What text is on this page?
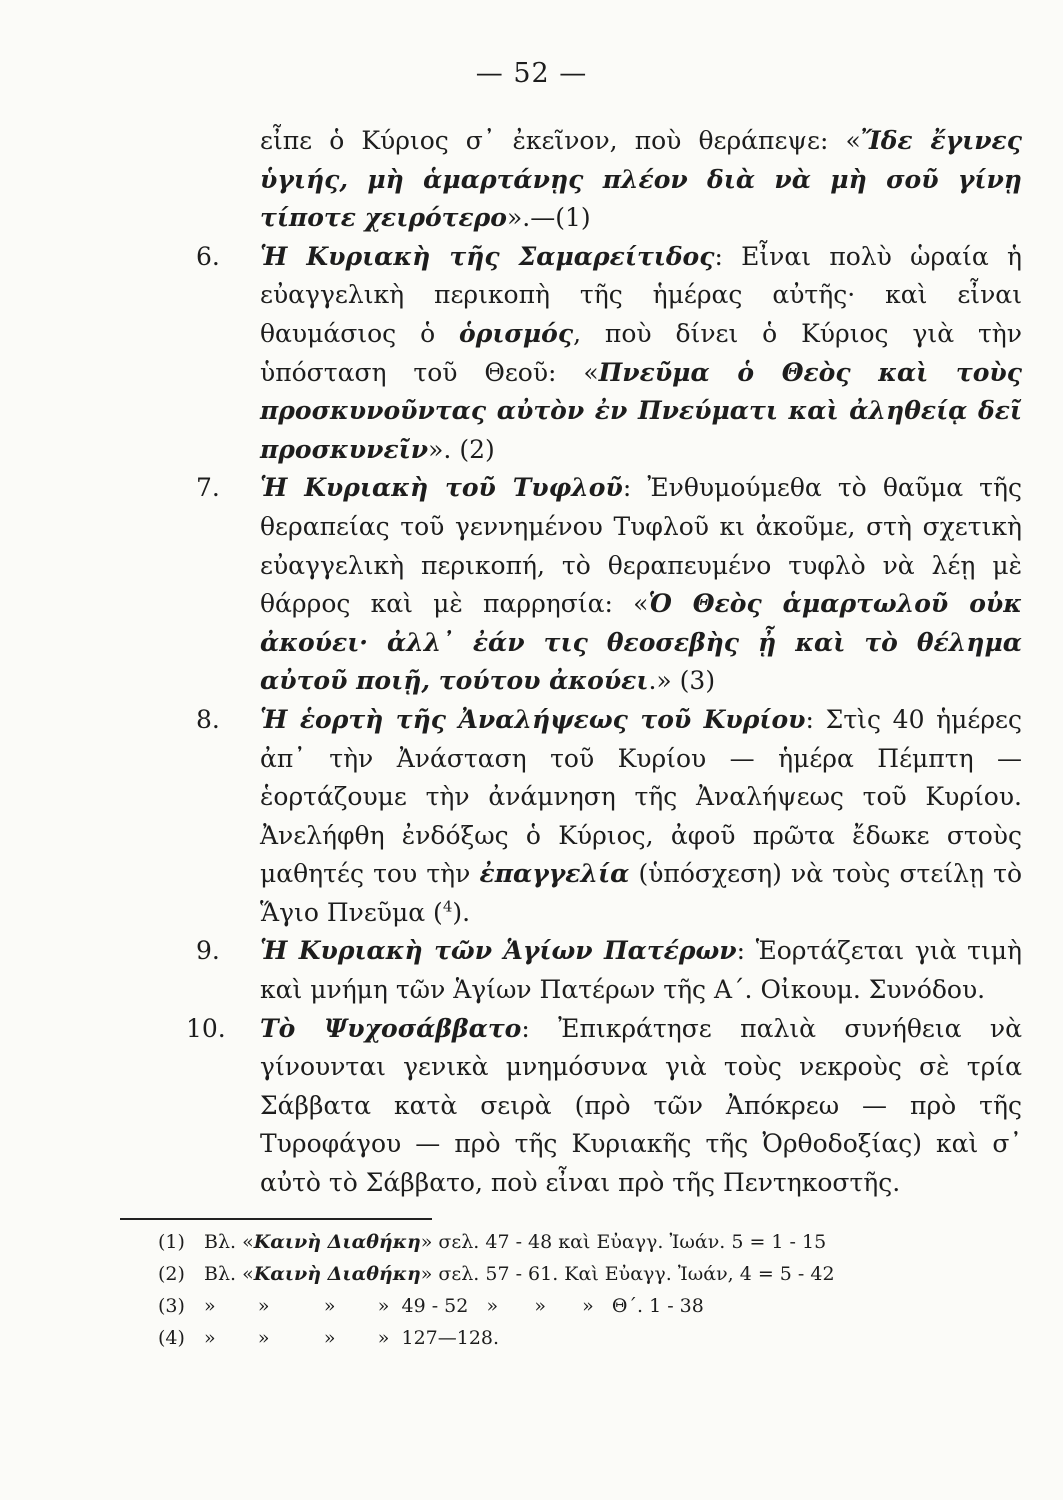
— 52 —

εἶπε ὁ Κύριος σ᾽ ἐκεῖνον, ποὺ θεράπεψε: «Ἴδε ἔγινες ὑγιής, μὴ ἁμαρτάνῃς πλέον διὰ νὰ μὴ σοῦ γίνῃ τίποτε χειρότερο».—(1)

6. Ἡ Κυριακὴ τῆς Σαμαρείτιδος: Εἶναι πολὺ ὡραία ἡ εὐαγγελικὴ περικοπὴ τῆς ἡμέρας αὐτῆς· καὶ εἶναι θαυμάσιος ὁ ὁρισμός, ποὺ δίνει ὁ Κύριος γιὰ τὴν ὑπόσταση τοῦ Θεοῦ: «Πνεῦμα ὁ Θεὸς καὶ τοὺς προσκυνοῦντας αὐτὸν ἐν Πνεύματι καὶ ἀληθείᾳ δεῖ προσκυνεῖν». (2)

7. Ἡ Κυριακὴ τοῦ Τυφλοῦ: Ἐνθυμούμεθα τὸ θαῦμα τῆς θεραπείας τοῦ γεννημένου Τυφλοῦ κι ἀκοῦμε, στὴ σχετικὴ εὐαγγελικὴ περικοπή, τὸ θεραπευμένο τυφλὸ νὰ λέῃ μὲ θάρρος καὶ μὲ παρρησία: «Ὁ Θεὸς ἁμαρτωλοῦ οὐκ ἀκούει· ἀλλ᾽ ἐάν τις θεοσεβὴς ᾖ καὶ τὸ θέλημα αὐτοῦ ποιῇ, τούτου ἀκούει.» (3)

8. Ἡ ἑορτὴ τῆς Ἀναλήψεως τοῦ Κυρίου: Στὶς 40 ἡμέρες ἀπ᾽ τὴν Ἀνάσταση τοῦ Κυρίου — ἡμέρα Πέμπτη — ἑορτάζουμε τὴν ἀνάμνηση τῆς Ἀναλήψεως τοῦ Κυρίου. Ἀνελήφθη ἐνδόξως ὁ Κύριος, ἀφοῦ πρῶτα ἔδωκε στοὺς μαθητές του τὴν ἐπαγγελία (ὑπόσχεση) νὰ τοὺς στείλῃ τὸ Ἅγιο Πνεῦμα ($^4$).

9. Ἡ Κυριακὴ τῶν Ἁγίων Πατέρων: Ἑορτάζεται γιὰ τιμὴ καὶ μνήμη τῶν Ἁγίων Πατέρων τῆς Α΄. Οἰκουμ. Συνόδου.

10. Τὸ Ψυχοσάββατο: Ἐπικράτησε παλιὰ συνήθεια νὰ γίνουνται γενικὰ μνημόσυνα γιὰ τοὺς νεκροὺς σὲ τρία Σάββατα κατὰ σειρὰ (πρὸ τῶν Ἀπόκρεω — πρὸ τῆς Τυροφάγου — πρὸ τῆς Κυριακῆς τῆς Ὀρθοδοξίας) καὶ σ᾽ αὐτὸ τὸ Σάββατο, ποὺ εἶναι πρὸ τῆς Πεντηκοστῆς.

(1)	Βλ. « Καινὴ Διαθήκη » σελ. 47 - 48 καὶ Εὐαγγ. Ἰωάν. 5 = 1 - 15
(2)	Βλ. « Καινὴ Διαθήκη » σελ. 57 - 61. Καὶ Εὐαγγ. Ἰωάν, 4 = 5 - 42
(3)	»       »         »       »  49 - 52   »      »      »   Θ΄. 1 - 38
(4)	»       »         »       »  127—128.
